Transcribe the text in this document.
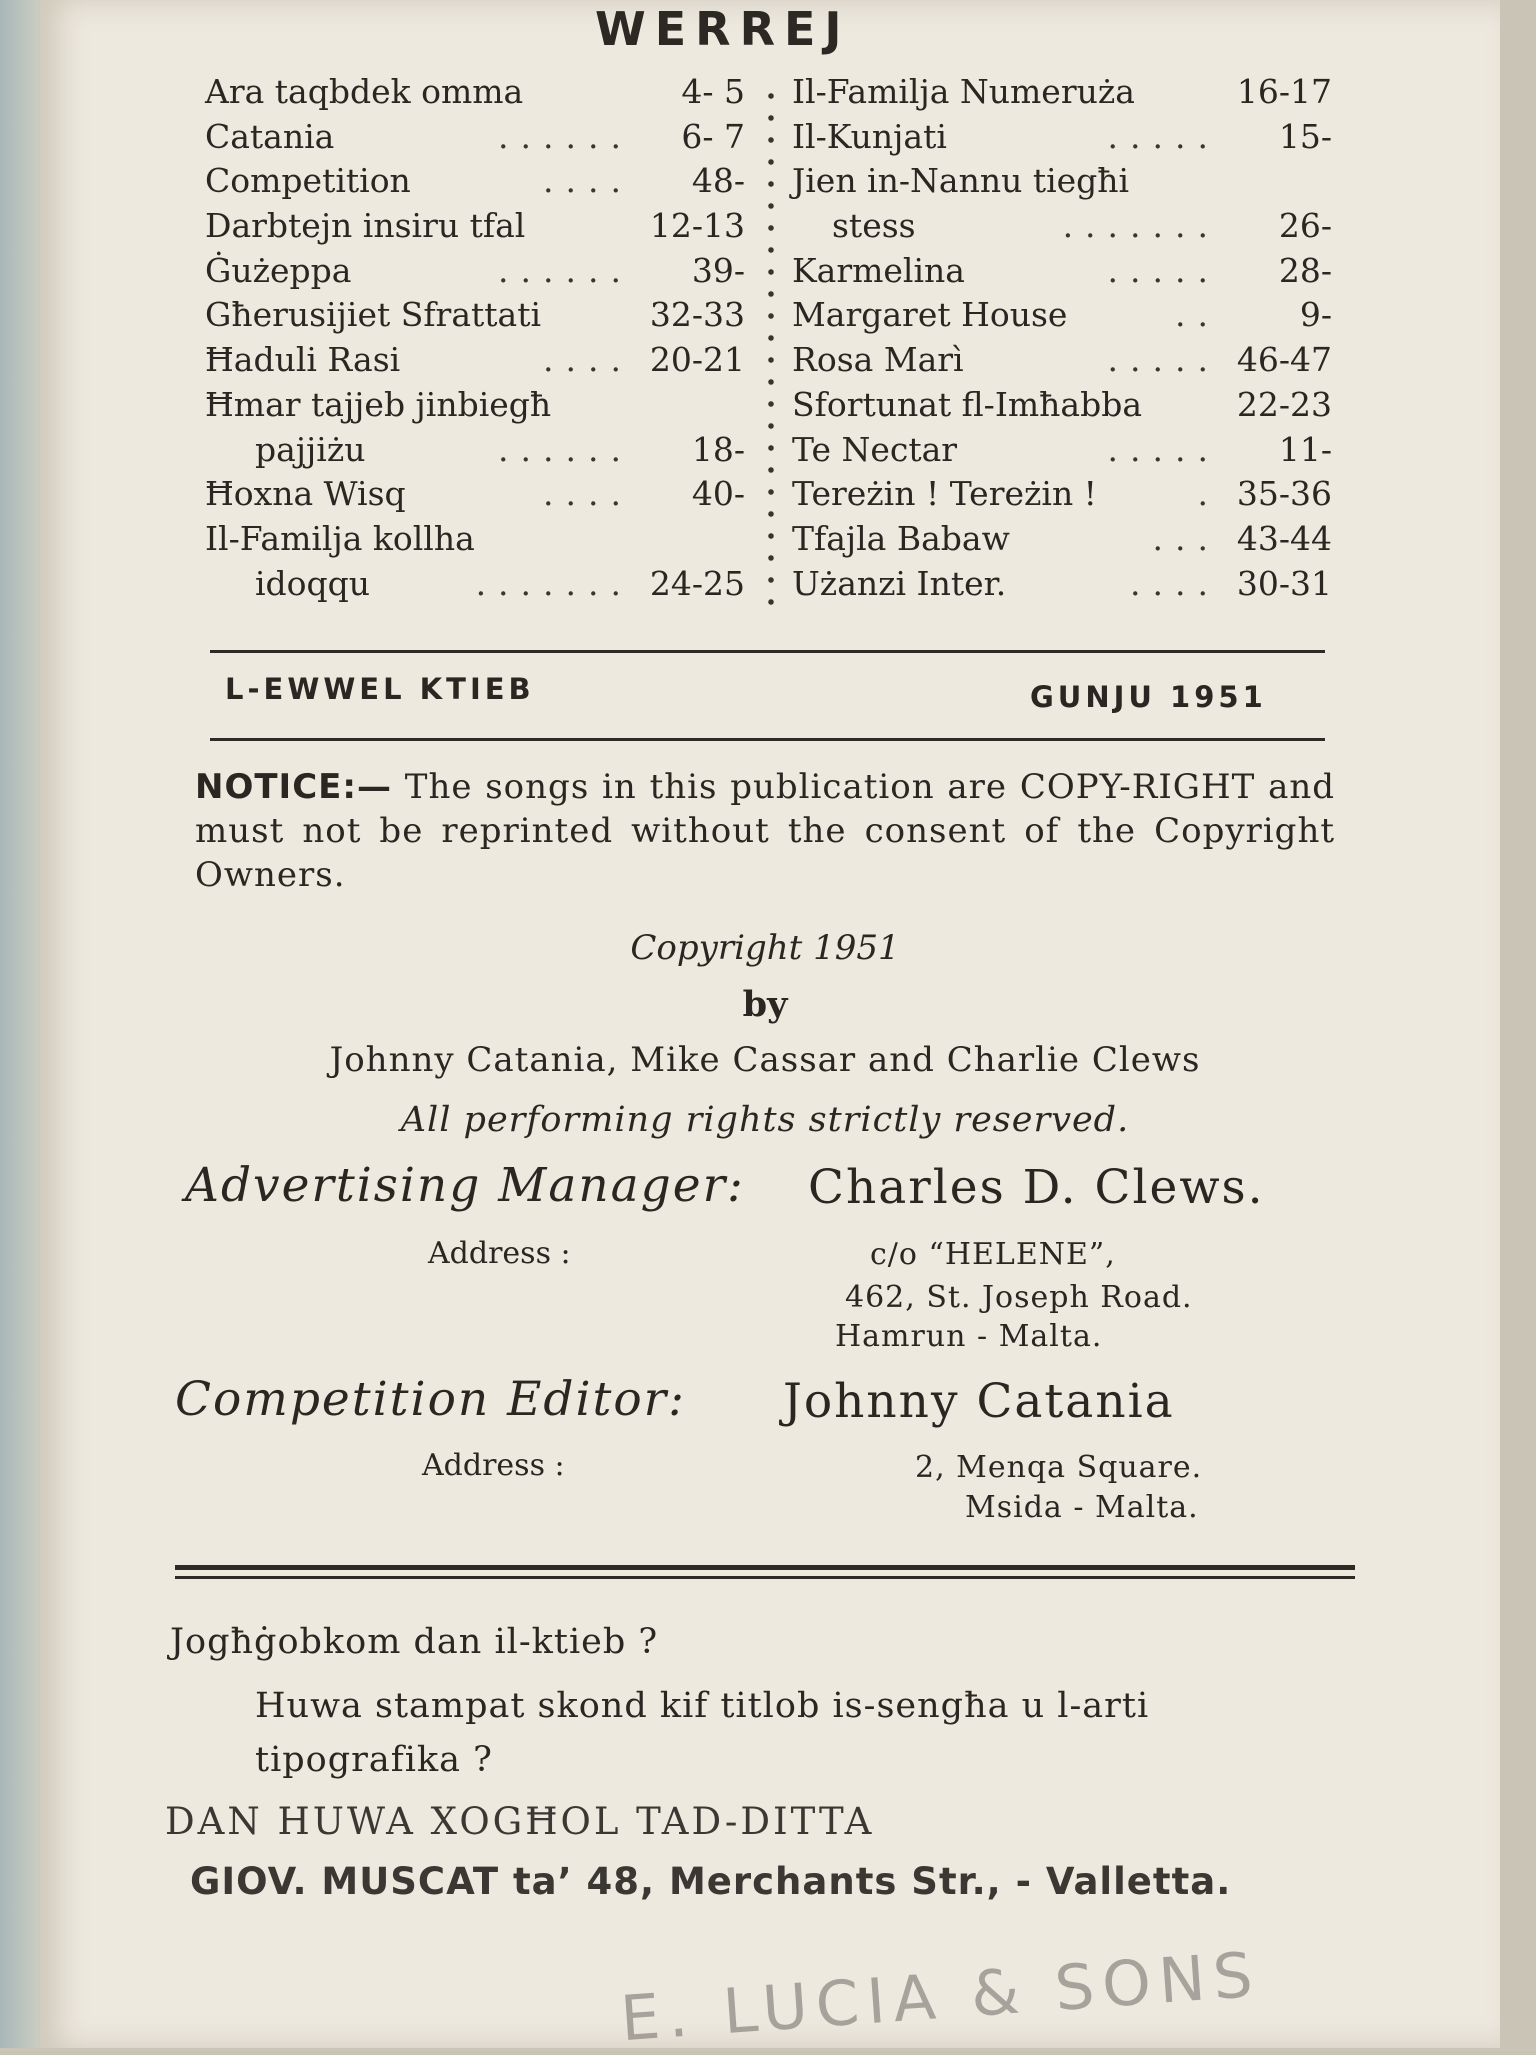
WERREJ
Ara taqbdek omma	4- 5
Catania	...... 6- 7
Competition	.... 48-
Darbtejn insiru tfal	12-13
Ġużeppa	...... 39-
Għerusijiet Sfrattati	32-33
Ħaduli Rasi	.... 20-21
Ħmar tajjeb jinbiegħ
pajjiżu	...... 18-
Ħoxna Wisq	.... 40-
Il-Familja kollha
idoqqu	....... 24-25
Il-Familja Numerużа	16-17
Il-Kunjati	..... 15-
Jien in-Nannu tiegħi
stess	....... 26-
Karmelina	..... 28-
Margaret House	.. 9-
Rosa Marì	..... 46-47
Sfortunat fl-Imħabba	22-23
Te Nectar	..... 11-
Tereżin ! Tereżin !	. 35-36
Tfajla Babaw	... 43-44
Użanzi Inter.	.... 30-31
L-EWWEL KTIEB	GUNJU 1951
NOTICE:— The songs in this publication are COPY-RIGHT and must not be reprinted without the consent of the Copyright Owners.
Copyright 1951
by
Johnny Catania, Mike Cassar and Charlie Clews
All performing rights strictly reserved.
Advertising Manager: Charles D. Clews.
Address :	c/o “HELENE”,
462, St. Joseph Road.
Hamrun - Malta.
Competition Editor: Johnny Catania
Address :	2, Menqa Square.
Msida - Malta.
Jogħġobkom dan il-ktieb ?
Huwa stampat skond kif titlob is-sengħa u l-arti
tipografika ?
DAN HUWA XOGĦOL TAD-DITTA
GIOV. MUSCAT ta’ 48, Merchants Str., - Valletta.
E. LUCIA & SONS
